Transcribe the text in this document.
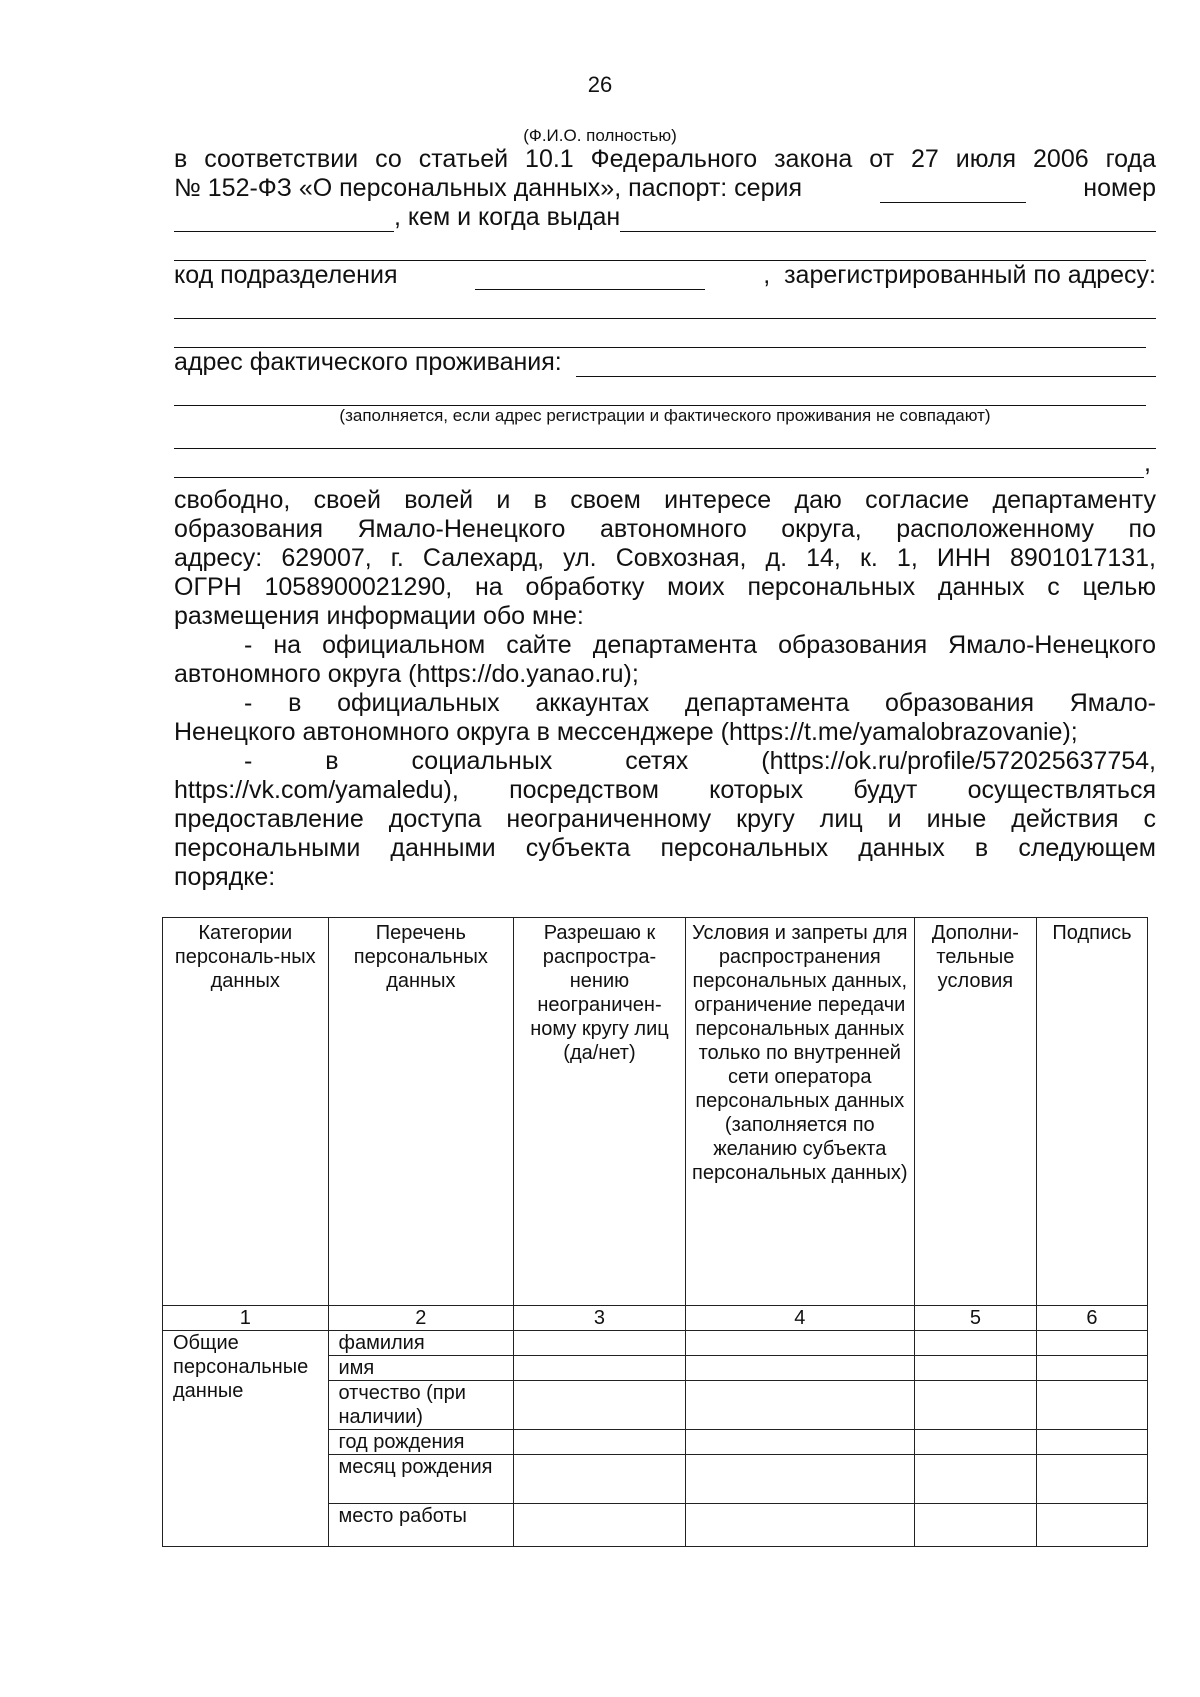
26
(Ф.И.О. полностью)
в соответствии со статьей 10.1 Федерального закона от 27 июля 2006 года
№ 152-ФЗ «О персональных данных», паспорт: серия	номер
, кем и когда выдан
код подразделения	,  зарегистрированный по адресу:
адрес фактического проживания:
(заполняется, если адрес регистрации и фактического проживания не совпадают)
,
свободно, своей волей и в своем интересе даю согласие департаменту
образования Ямало-Ненецкого автономного округа, расположенному по
адресу: 629007, г. Салехард, ул. Совхозная, д. 14, к. 1, ИНН 8901017131,
ОГРН 1058900021290, на обработку моих персональных данных с целью
размещения информации обо мне:
- на официальном сайте департамента образования Ямало-Ненецкого
автономного округа (https://do.yanao.ru);
- в официальных аккаунтах департамента образования Ямало-
Ненецкого автономного округа в мессенджере (https://t.me/yamalobrazovanie);
- в социальных сетях (https://ok.ru/profile/572025637754,
https://vk.com/yamaledu), посредством которых будут осуществляться
предоставление доступа неограниченному кругу лиц и иные действия с
персональными данными субъекта персональных данных в следующем
порядке:
Категории персональ-ных данных	Перечень персональных данных	Разрешаю к распростра-нению неограничен-ному кругу лиц (да/нет)	Условия и запреты для распространения персональных данных, ограничение передачи персональных данных только по внутренней сети оператора персональных данных (заполняется по желанию субъекта персональных данных)	Дополни-тельные условия	Подпись
1	2	3	4	5	6
Общие персональные данные	фамилия				
	имя				
	отчество (при наличии)				
	год рождения				
	месяц рождения				
	место работы				
